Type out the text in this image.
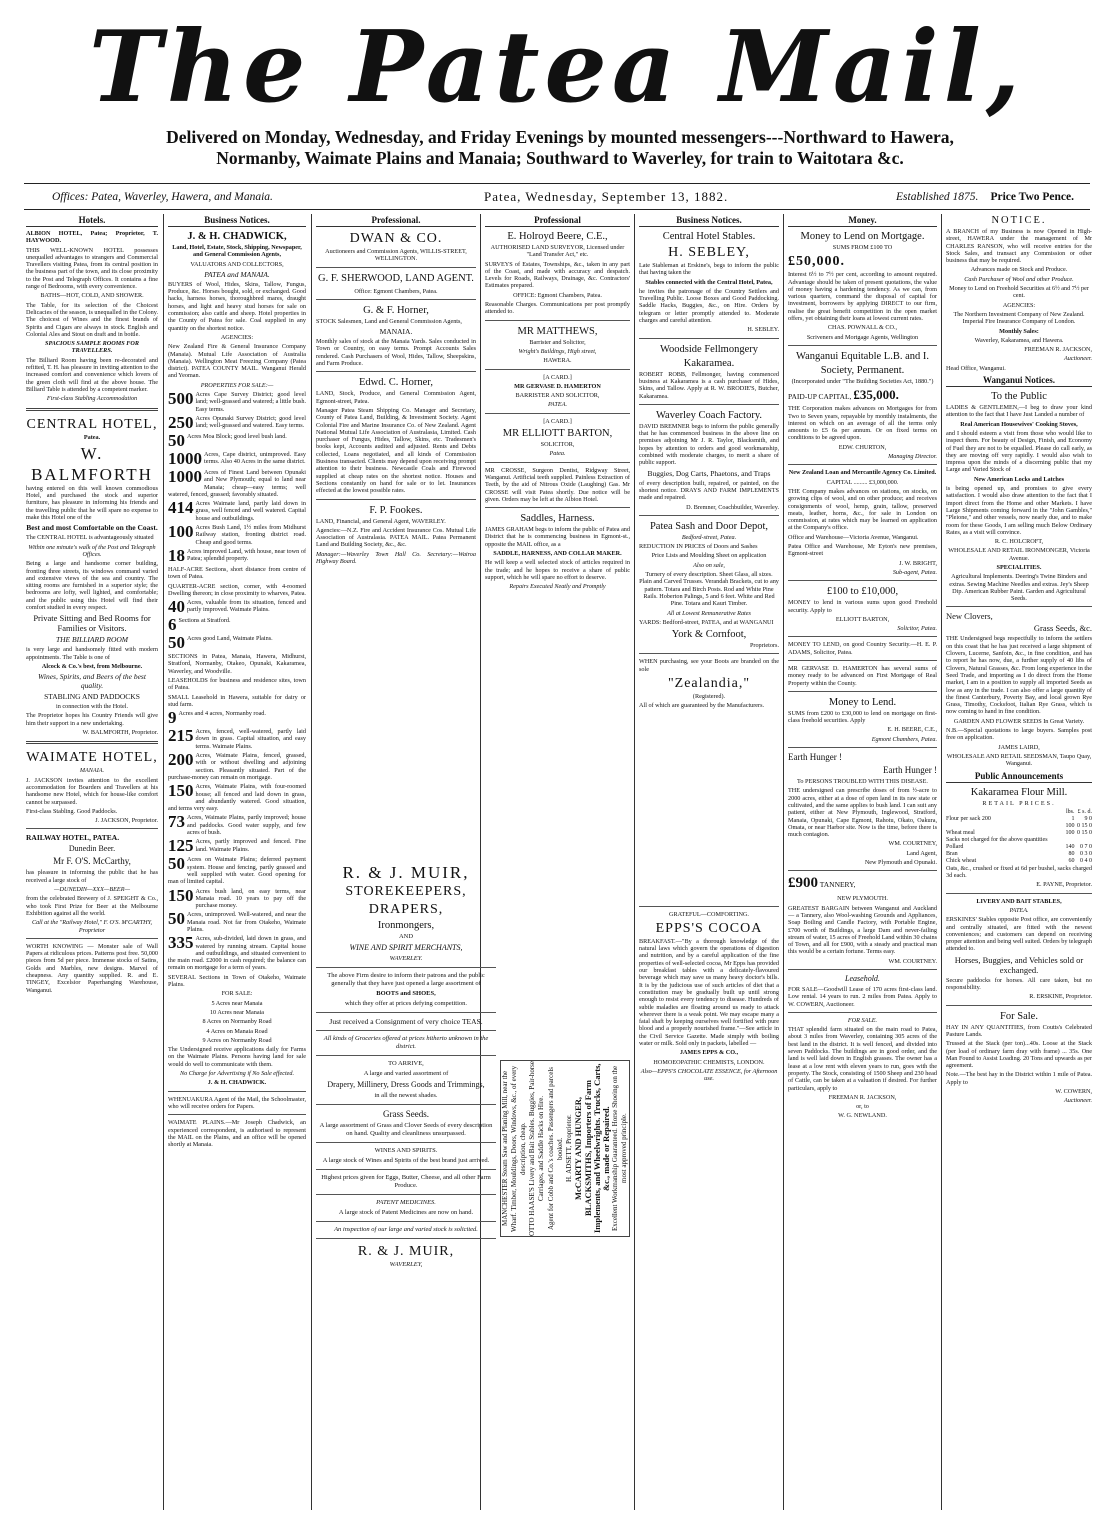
The Patea Mail,
Delivered on Monday, Wednesday, and Friday Evenings by mounted messengers---Northward to Hawera,
Normanby, Waimate Plains and Manaia; Southward to Waverley, for train to Waitotara &c.
Offices: Patea, Waverley, Hawera, and Manaia.	Patea, Wednesday, September 13, 1882.	Established 1875. Price Two Pence.
Hotels.

ALBION HOTEL, Patea; Proprietor, T. HAYWOOD.

THIS WELL-KNOWN HOTEL possesses unequalled advantages to strangers and Commercial Travellers visiting Patea, from its central position in the business part of the town, and its close proximity to the Post and Telegraph Offices. It contains a fine range of Bedrooms, with every convenience.

BATHS—HOT, COLD, AND SHOWER.

The Table, for its selection of the Choicest Delicacies of the season, is unequalled in the Colony. The choicest of Wines and the finest brands of Spirits and Cigars are always in stock. English and Colonial Ales and Stout on draft and in bottle.

SPACIOUS SAMPLE ROOMS FOR TRAVELLERS.

The Billiard Room having been re-decorated and refitted, T. H. has pleasure in inviting attention to the increased comfort and convenience which lovers of the green cloth will find at the above house. The Billiard Table is attended by a competent marker.

First-class Stabling Accommodation

CENTRAL HOTEL,

Patea.

W. BALMFORTH

having entered on this well known commodious Hotel, and purchased the stock and superior furniture, has pleasure in informing his friends and the travelling public that he will spare no expense to make this Hotel one of the

Best and most Comfortable on the Coast.

The CENTRAL HOTEL is advantageously situated

Within one minute's walk of the Post and Telegraph Offices.

Being a large and handsome corner building, fronting three streets, its windows command varied and extensive views of the sea and country. The sitting rooms are furnished in a superior style; the bedrooms are lofty, well lighted, and comfortable; and the public using this Hotel will find their comfort studied in every respect.

Private Sitting and Bed Rooms for Families or Visitors.

THE BILLIARD ROOM

is very large and handsomely fitted with modern appointments. The Table is one of

Alcock & Co.'s best, from Melbourne.

Wines, Spirits, and Beers of the best quality.

STABLING AND PADDOCKS

in connection with the Hotel.

The Proprietor hopes his Country Friends will give him their support in a new undertaking.

W. BALMFORTH, Proprietor.

WAIMATE HOTEL,

MANAIA.

J. JACKSON invites attention to the excellent accommodation for Boarders and Travellers at his handsome new Hotel, which for house-like comfort cannot be surpassed.

First-class Stabling. Good Paddocks.

J. JACKSON, Proprietor.

RAILWAY HOTEL, PATEA.

Dunedin Beer.

Mr F. O'S. McCarthy,

has pleasure in informing the public that he has received a large stock of

—DUNEDIN—XXX—BEER—

from the celebrated Brewery of J. SPEIGHT & Co., who took First Prize for Beer at the Melbourne Exhibition against all the world.

Call at the "Railway Hotel," F. O'S. M'CARTHY, Proprietor

WORTH KNOWING — Monster sale of Wall Papers at ridiculous prices. Patterns post free. 50,000 pieces from 5d per piece. Immense stocks of Satins, Golds and Marbles, new designs. Marvel of cheapness. Any quantity supplied. R. and E. TINGEY, Excelsior Paperhanging Warehouse, Wanganui.

Business Notices.
J. & H. CHADWICK,

Land, Hotel, Estate, Stock, Shipping, Newspaper, and General Commission Agents,

VALUATORS AND COLLECTORS,

PATEA and MANAIA.

BUYERS of Wool, Hides, Skins, Tallow, Fungus, Produce, &c. Horses bought, sold, or exchanged. Good hacks, harness horses, thoroughbred mares, draught horses, and light and heavy stud horses for sale on commission; also cattle and sheep. Hotel properties in the County of Patea for sale. Coal supplied in any quantity on the shortest notice.

AGENCIES:

New Zealand Fire & General Insurance Company (Manaia). Mutual Life Association of Australia (Manaia). Wellington Meat Freezing Company (Patea district). PATEA COUNTY MAIL. Wanganui Herald and Yeoman.

PROPERTIES FOR SALE:—

500 Acres Cape Survey District; good level land; well-grassed and watered; a little bush. Easy terms.

250 Acres Opunaki Survey District; good level land; well-grassed and watered. Easy terms.

50 Acres Moa Block; good level bush land.

1000 Acres, Cape district, unimproved. Easy terms. Also 40 Acres in the same district.

1000 Acres of Finest Land between Opunaki and New Plymouth; equal to land near Manaia; cheap—easy terms; well watered, fenced, grassed; favorably situated.

414 Acres Waimate land, partly laid down in grass, well fenced and well watered. Capital house and outbuildings.

100 Acres Bush Land, 1½ miles from Midhurst Railway station, fronting district road. Cheap and good terms.

18 Acres improved Land, with house, near town of Patea; splendid property.

HALF-ACRE Sections, short distance from centre of town of Patea.

QUARTER-ACRE section, corner, with 4-roomed Dwelling thereon; in close proximity to wharves, Patea.

40 Acres, valuable from its situation, fenced and partly improved. Waimate Plains.

6 Sections at Stratford.

50 Acres good Land, Waimate Plains.

SECTIONS in Patea, Manaia, Hawera, Midhurst, Stratford, Normanby, Otakeo, Opunaki, Kakaramea, Waverley, and Woodville.

LEASEHOLDS for business and residence sites, town of Patea.

SMALL Leasehold in Hawera, suitable for dairy or stud farm.

9 Acres and 4 acres, Normanby road.

215 Acres, fenced, well-watered, partly laid down in grass. Capital situation, and easy terms. Waimate Plains.

200 Acres, Waimate Plains, fenced, grassed, with or without dwelling and adjoining section. Pleasantly situated. Part of the purchase-money can remain on mortgage.

150 Acres, Waimate Plains, with four-roomed house; all fenced and laid down in grass, and abundantly watered. Good situation, and terms very easy.

73 Acres, Waimate Plains, partly improved; house and paddocks. Good water supply, and few acres of bush.

125 Acres, partly improved and fenced. Fine land. Waimate Plains.

50 Acres on Waimate Plains; deferred payment system. House and fencing, partly grassed and well supplied with water. Good opening for man of limited capital.

150 Acres bush land, on easy terms, near Manaia road. 10 years to pay off the purchase money.

50 Acres, unimproved. Well-watered, and near the Manaia road. Not far from Otakeho, Waimate Plains.

335 Acres, sub-divided, laid down in grass, and watered by running stream. Capital house and outbuildings, and situated convenient to the main road. £2000 in cash required; the balance can remain on mortgage for a term of years.

SEVERAL Sections in Town of Otakeho, Waimate Plains.

FOR SALE:

5 Acres near Manaia

10 Acres near Manaia

8 Acres on Normanby Road

4 Acres on Manaia Road

9 Acres on Normanby Road

The Undersigned receive applications daily for Farms on the Waimate Plains. Persons having land for sale would do well to communicate with them.

No Charge for Advertising if No Sale effected.

J. & H. CHADWICK.

WHENUAKURA Agent of the Mail, the Schoolmaster, who will receive orders for Papers.

WAIMATE PLAINS.—Mr Joseph Chadwick, an experienced correspondent, is authorised to represent the MAIL on the Plains, and an office will be opened shortly at Manaia.

Professional.
DWAN & CO.

Auctioneers and Commission Agents, WILLIS-STREET, WELLINGTON.

G. F. SHERWOOD, LAND AGENT.

Office: Egmont Chambers, Patea.

G. & F. Horner,

STOCK Salesmen, Land and General Commission Agents,

MANAIA.

Monthly sales of stock at the Manaia Yards. Sales conducted in Town or Country, on easy terms. Prompt Accounts Sales rendered. Cash Purchasers of Wool, Hides, Tallow, Sheepskins, and Farm Produce.

Edwd. C. Horner,

LAND, Stock, Produce, and General Commission Agent, Egmont-street, Patea.

Manager Patea Steam Shipping Co. Manager and Secretary, County of Patea Land, Building, & Investment Society. Agent Colonial Fire and Marine Insurance Co. of New Zealand. Agent National Mutual Life Association of Australasia, Limited. Cash purchaser of Fungus, Hides, Tallow, Skins, etc. Tradesmen's books kept, Accounts audited and adjusted. Rents and Debts collected, Loans negotiated, and all kinds of Commission Business transacted. Clients may depend upon receiving prompt attention to their business. Newcastle Coals and Firewood supplied at cheap rates on the shortest notice. Houses and Sections constantly on hand for sale or to let. Insurances effected at the lowest possible rates.

F. P. Fookes.

LAND, Financial, and General Agent, WAVERLEY.

Agencies:—N.Z. Fire and Accident Insurance Cos. Mutual Life Association of Australasia. PATEA MAIL. Patea Permanent Land and Building Society, &c., &c.

Manager:—Waverley Town Hall Co. Secretary:—Wairoa Highway Board.

Professional
E. Holroyd Beere, C.E.,

AUTHORISED LAND SURVEYOR, Licensed under "Land Transfer Act," etc.

SURVEYS of Estates, Townships, &c., taken in any part of the Coast, and made with accuracy and despatch. Levels for Roads, Railways, Drainage, &c. Contractors' Estimates prepared.

OFFICE: Egmont Chambers, Patea.

Reasonable Charges. Communications per post promptly attended to.

MR MATTHEWS,

Barrister and Solicitor,

Wright's Buildings, High street,

HAWERA.

[A CARD.]

MR GERVASE D. HAMERTON

BARRISTER AND SOLICITOR,

PATEA.

[A CARD.]

MR ELLIOTT BARTON,

SOLICITOR,

Patea.

MR CROSSE, Surgeon Dentist, Ridgway Street, Wanganui. Artificial teeth supplied. Painless Extraction of Teeth, by the aid of Nitrous Oxide (Laughing) Gas. Mr CROSSE will visit Patea shortly. Due notice will be given. Orders may be left at the Albion Hotel.

Saddles, Harness.

JAMES GRAHAM begs to inform the public of Patea and District that he is commencing business in Egmont-st., opposite the MAIL office, as a

SADDLE, HARNESS, AND COLLAR MAKER.

He will keep a well selected stock of articles required in the trade; and he hopes to receive a share of public support, which he will spare no effort to deserve.

Repairs Executed Neatly and Promptly

R. & J. MUIR,
STOREKEEPERS, DRAPERS,
Ironmongers,

AND

WINE AND SPIRIT MERCHANTS,

WAVERLEY.

The above Firm desire to inform their patrons and the public generally that they have just opened a large assortment of

BOOTS and SHOES,

which they offer at prices defying competition.

Just received a Consignment of very choice TEAS.

All kinds of Groceries offered at prices hitherto unknown in the district.

TO ARRIVE,

A large and varied assortment of

Drapery, Millinery, Dress Goods and Trimmings,

in all the newest shades.

Grass Seeds.

A large assortment of Grass and Clover Seeds of every description on hand. Quality and cleanliness unsurpassed.

WINES AND SPIRITS.

A large stock of Wines and Spirits of the best brand just arrived.

Highest prices given for Eggs, Butter, Cheese, and all other Farm Produce.

PATENT MEDICINES.

A large stock of Patent Medicines are now on hand.

An inspection of our large and varied stock is solicited.

R. & J. MUIR,

WAVERLEY,

MANCHESTER Steam Saw and Planing Mill, near the Wharf. Timber, Mouldings, Doors, Windows, &c., of every description, cheap. OTTO HAASE'S Livery and Bait Stables. Buggies, Pair-horse Carriages, and Saddle Hacks on Hire. Agent for Cobb and Co.'s coaches. Passengers and parcels booked. H. ADSETT, Proprietor. McCARTY AND HUNGER, BLACKSMITHS, Importers of Farm Implements, and Wheelwrights. Trucks, Carts, &c., made or Repaired. Excellent Workmanship Guaranteed. Horse Shoeing on the most approved principle.
Business Notices.
Central Hotel Stables.
H. SEBLEY,

Late Stableman at Erskine's, begs to inform the public that having taken the

Stables connected with the Central Hotel, Patea,

he invites the patronage of the Country Settlers and Travelling Public. Loose Boxes and Good Paddocking. Saddle Hacks, Buggies, &c., on Hire. Orders by telegram or letter promptly attended to. Moderate charges and careful attention.

H. SEBLEY.

Woodside Fellmongery Kakaramea.

ROBERT ROBB, Fellmonger, having commenced business at Kakaramea is a cash purchaser of Hides, Skins, and Tallow. Apply at R. W. BRODIE'S, Butcher, Kakaramea.

Waverley Coach Factory.

DAVID BREMNER begs to inform the public generally that he has commenced business in the above line on premises adjoining Mr J. R. Taylor, Blacksmith, and hopes by attention to orders and good workmanship, combined with moderate charges, to merit a share of public support.

Buggies, Dog Carts, Phaetons, and Traps

of every description built, repaired, or painted, on the shortest notice. DRAYS AND FARM IMPLEMENTS made and repaired.

D. Bremner, Coachbuilder, Waverley.

Patea Sash and Door Depot,

Bedford-street, Patea.

REDUCTION IN PRICES of Doors and Sashes

Price Lists and Moulding Sheet on application

Also on sale,

Turnery of every description. Sheet Glass, all sizes. Plain and Carved Trusses. Verandah Brackets, cut to any pattern. Totara and Birch Posts. Rod and White Pine Rails. Hoberton Palings, 5 and 6 feet. White and Red Pine. Totara and Kauri Timber.

All at Lowest Remunerative Rates

YARDS: Bedford-street, PATEA, and at WANGANUI

York & Cornfoot,

Proprietors.

WHEN purchasing, see your Boots are branded on the sole

"Zealandia,"

(Registered).

All of which are guaranteed by the Manufacturers.

GRATEFUL—COMFORTING.

EPPS'S COCOA

BREAKFAST.—"By a thorough knowledge of the natural laws which govern the operations of digestion and nutrition, and by a careful application of the fine properties of well-selected cocoa, Mr Epps has provided our breakfast tables with a delicately-flavoured beverage which may save us many heavy doctor's bills. It is by the judicious use of such articles of diet that a constitution may be gradually built up until strong enough to resist every tendency to disease. Hundreds of subtle maladies are floating around us ready to attack wherever there is a weak point. We may escape many a fatal shaft by keeping ourselves well fortified with pure blood and a properly nourished frame."—See article in the Civil Service Gazette. Made simply with boiling water or milk. Sold only in packets, labelled —

JAMES EPPS & CO.,

HOMOEOPATHIC CHEMISTS, LONDON.

Also—EPPS'S CHOCOLATE ESSENCE, for Afternoon use.

Money.
Money to Lend on Mortgage.

SUMS FROM £100 TO

£50,000.

Interest 6½ to 7½ per cent, according to amount required. Advantage should be taken of present quotations, the value of money having a hardening tendency. As we can, from various quarters, command the disposal of capital for investment, borrowers by applying DIRECT to our firm, realise the great benefit competition in the open market offers, yet obtaining their loans at lowest current rates.

CHAS. POWNALL & CO.,

Scriveners and Mortgage Agents, Wellington

Wanganui Equitable L.B. and I. Society, Permanent.

(Incorporated under "The Building Societies Act, 1880.")

PAID-UP CAPITAL, £35,000.

THE Corporation makes advances on Mortgages for from Two to Seven years, repayable by monthly instalments, the interest on which on an average of all the terms only amounts to £5 6s per annum. Or on fixed terms on conditions to be agreed upon.

EDW. CHURTON,

Managing Director.

New Zealand Loan and Mercantile Agency Co. Limited.

CAPITAL ......... £3,000,000.

THE Company makes advances on stations, on stocks, on growing clips of wool, and on other produce; and receives consignments of wool, hemp, grain, tallow, preserved meats, leather, horns, &c., for sale in London on commission, at rates which may be learned on application at the Company's office.

Office and Warehouse—Victoria Avenue, Wanganui.

Patea Office and Warehouse, Mr Eyton's new premises, Egmont-street

J. W. BRIGHT,

Sub-agent, Patea.

£100 to £10,000,

MONEY to lend in various sums upon good Freehold security. Apply to

ELLIOTT BARTON,

Solicitor, Patea.

MONEY TO LEND, on good Country Security.—H. E. P. ADAMS, Solicitor, Patea.

MR GERVASE D. HAMERTON has several sums of money ready to be advanced on First Mortgage of Real Property within the County.

Money to Lend.

SUMS from £200 to £30,000 to lend on mortgage on first-class freehold securities. Apply

E. H. BEERE, C.E.,

Egmont Chambers, Patea.

Earth Hunger !

Earth Hunger !

To PERSONS TROUBLED WITH THIS DISEASE.

THE undersigned can prescribe doses of from ½-acre to 2000 acres, either at a dose of open land in its raw state or cultivated, and the same applies to bush land. I can suit any patient, either at New Plymouth, Inglewood, Stratford, Manaia, Opunaki, Cape Egmont, Rahotu, Okato, Oakura, Omata, or near Harbor site. Now is the time, before there is much contagion.

WM. COURTNEY,

Land Agent,

New Plymouth and Opunaki.

£900 TANNERY,

NEW PLYMOUTH.

GREATEST BARGAIN between Wanganui and Auckland — a Tannery, also Wool-washing Grounds and Appliances, Soap Boiling and Candle Factory, with Portable Engine, £700 worth of Buildings, a large Dam and never-failing stream of water, 15 acres of Freehold Land within 30 chains of Town, and all for £900, with a steady and practical man this would be a certain fortune. Terms easy.

WM. COURTNEY.

Leasehold.

FOR SALE—Goodwill Lease of 170 acres first-class land. Low rental. 14 years to run. 2 miles from Patea. Apply to W. COWERN, Auctioneer.

FOR SALE.

THAT splendid farm situated on the main road to Patea, about 3 miles from Waverley, containing 305 acres of the best land in the district. It is well fenced, and divided into seven Paddocks. The buildings are in good order, and the land is well laid down in English grasses. The owner has a lease at a low rent with eleven years to run, goes with the property. The Stock, consisting of 1500 Sheep and 230 head of Cattle, can be taken at a valuation if desired. For further particulars, apply to

FREEMAN R. JACKSON,

or, to

W. G. NEWLAND.

NOTICE.

A BRANCH of my Business is now Opened in High-street, HAWERA under the management of Mr CHARLES RANSON, who will receive entries for the Stock Sales, and transact any Commission or other business that may be required.

Advances made on Stock and Produce.

Cash Purchaser of Wool and other Produce.

Money to Lend on Freehold Securities at 6½ and 7½ per cent.

AGENCIES:

The Northern Investment Company of New Zealand. Imperial Fire Insurance Company of London.

Monthly Sales:

Waverley, Kakaramea, and Hawera.

FREEMAN R. JACKSON,

Auctioneer.

Head Office, Wanganui.

Wanganui Notices.
To the Public

LADIES & GENTLEMEN,—I beg to draw your kind attention to the fact that I have Just Landed a number of

Real American Housewives' Cooking Stoves,

and I should esteem a visit from those who would like to inspect them. For beauty of Design, Finish, and Economy of Fuel they are not to be equalled. Please do call early, as they are moving off very rapidly. I would also wish to impress upon the minds of a discerning public that my Large and Varied Stock of

New American Locks and Latches

is being opened up, and promises to give every satisfaction. I would also draw attention to the fact that I import direct from the Home and other Markets. I have Large Shipments coming forward in the "John Gambles," "Pleione," and other vessels, now nearly due, and to make room for these Goods, I am selling much Below Ordinary Rates, as a visit will convince.

R. C. HOLCROFT,

WHOLESALE AND RETAIL IRONMONGER, Victoria Avenue.

SPECIALITIES.

Agricultural Implements. Deering's Twine Binders and extras. Sewing Machine Needles and extras. Jey's Sheep Dip. American Rubber Paint. Garden and Agricultural Seeds.

New Clovers,

Grass Seeds, &c.

THE Undersigned begs respectfully to inform the settlers on this coast that he has just received a large shipment of Clovers, Lucerne, Sanfoin, &c., in fine condition, and has to report he has now, due, a further supply of 40 libs of Clovers, Natural Grasses, &c. From long experience in the Seed Trade, and importing as I do direct from the Home market, I am in a position to supply all imported Seeds as low as any in the trade. I can also offer a large quantity of the finest Canterbury, Poverty Bay, and local grown Rye Grass, Timothy, Cocksfoot, Italian Rye Grass, which is now coming to hand in fine condition.

GARDEN AND FLOWER SEEDS In Great Variety.

N.B.—Special quotations to large buyers. Samples post free on application.

JAMES LAIRD,

WHOLESALE AND RETAIL SEEDSMAN, Taupo Quay, Wanganui.

Public Announcements
Kakaramea Flour Mill.

RETAIL PRICES.

	lbs.	£ s. d.
Flour per sack 200	1	9 0
	100	0 15 0
Wheat meal	100	0 15 0
Sacks not charged for the above quantities		
Pollard	140	0 7 0
Bran	80	0 3 0
Chick wheat	60	0 4 0

Oats, &c., crushed or fixed at 6d per bushel, sacks charged 3d each.

E. PAYNE, Proprietor.

LIVERY AND BAIT STABLES,

PATEA.

ERSKINES' Stables opposite Post office, are conveniently and centrally situated, are fitted with the newest conveniences; and customers can depend on receiving proper attention and being well suited. Orders by telegraph attended to.

Horses, Buggies, and Vehicles sold or exchanged.

Secure paddocks for horses. All care taken, but no responsibility.

R. ERSKINE, Proprietor.

For Sale.

HAY IN ANY QUANTITIES, from Coutts's Celebrated Pasture Lands.

Trussed at the Stack (per ton)...40s. Loose at the Stack (per load of ordinary farm dray with frame) ... 35s. One Man Found to Assist Loading. 20 Tons and upwards as per agreement.

Note.—The best hay in the District within 1 mile of Patea. Apply to

W. COWERN,

Auctioneer.
